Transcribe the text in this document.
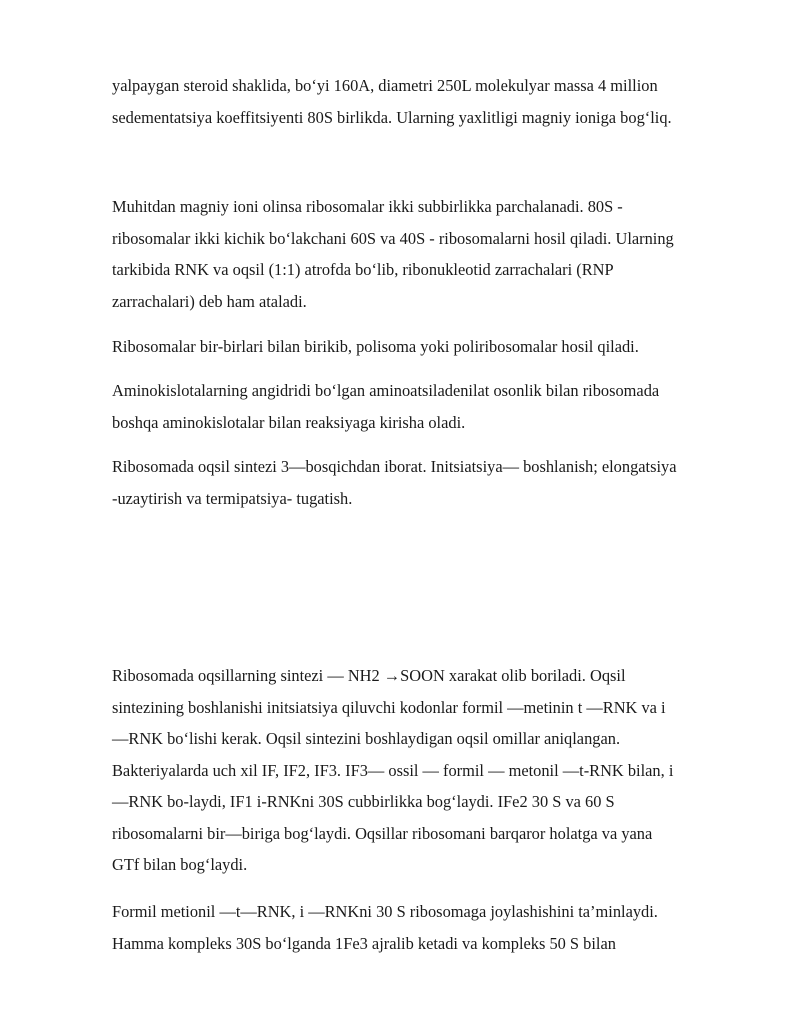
yalpaygan steroid shaklida, bo‘yi 160A, diametri 250L molekulyar massa 4 million
sedementatsiya koeffitsiyenti 80S birlikda. Ularning yaxlitligi magniy ioniga bog‘liq.

Muhitdan magniy ioni olinsa ribosomalar ikki subbirlikka parchalanadi. 80S -
ribosomalar ikki kichik bo‘lakchani 60S va 40S - ribosomalarni hosil qiladi. Ularning
tarkibida RNK va oqsil (1:1) atrofda bo‘lib, ribonukleotid zarrachalari (RNP
zarrachalari) deb ham ataladi.

Ribosomalar bir-birlari bilan birikib, polisoma yoki poliribosomalar hosil qiladi.

Aminokislotalarning angidridi bo‘lgan aminoatsiladenilat osonlik bilan ribosomada
boshqa aminokislotalar bilan reaksiyaga kirisha oladi.

Ribosomada oqsil sintezi 3—bosqichdan iborat. Initsiatsiya— boshlanish; elongatsiya
-uzaytirish va termipatsiya- tugatish.

Ribosomada oqsillarning sintezi — NH2 →SOON xarakat olib boriladi. Oqsil
sintezining boshlanishi initsiatsiya qiluvchi kodonlar formil —metinin t —RNK va i
—RNK bo‘lishi kerak. Oqsil sintezini boshlaydigan oqsil omillar aniqlangan.
Bakteriyalarda uch xil IF, IF2, IF3. IF3— ossil — formil — metonil —t-RNK bilan, i
—RNK bo-laydi, IF1 i-RNKni 30S cubbirlikka bog‘laydi. IFe2 30 S va 60 S
ribosomalarni bir—biriga bog‘laydi. Oqsillar ribosomani barqaror holatga va yana
GTf bilan bog‘laydi.

Formil metionil —t—RNK, i —RNKni 30 S ribosomaga joylashishini ta’minlaydi.
Hamma kompleks 30S bo‘lganda 1Fe3 ajralib ketadi va kompleks 50 S bilan
